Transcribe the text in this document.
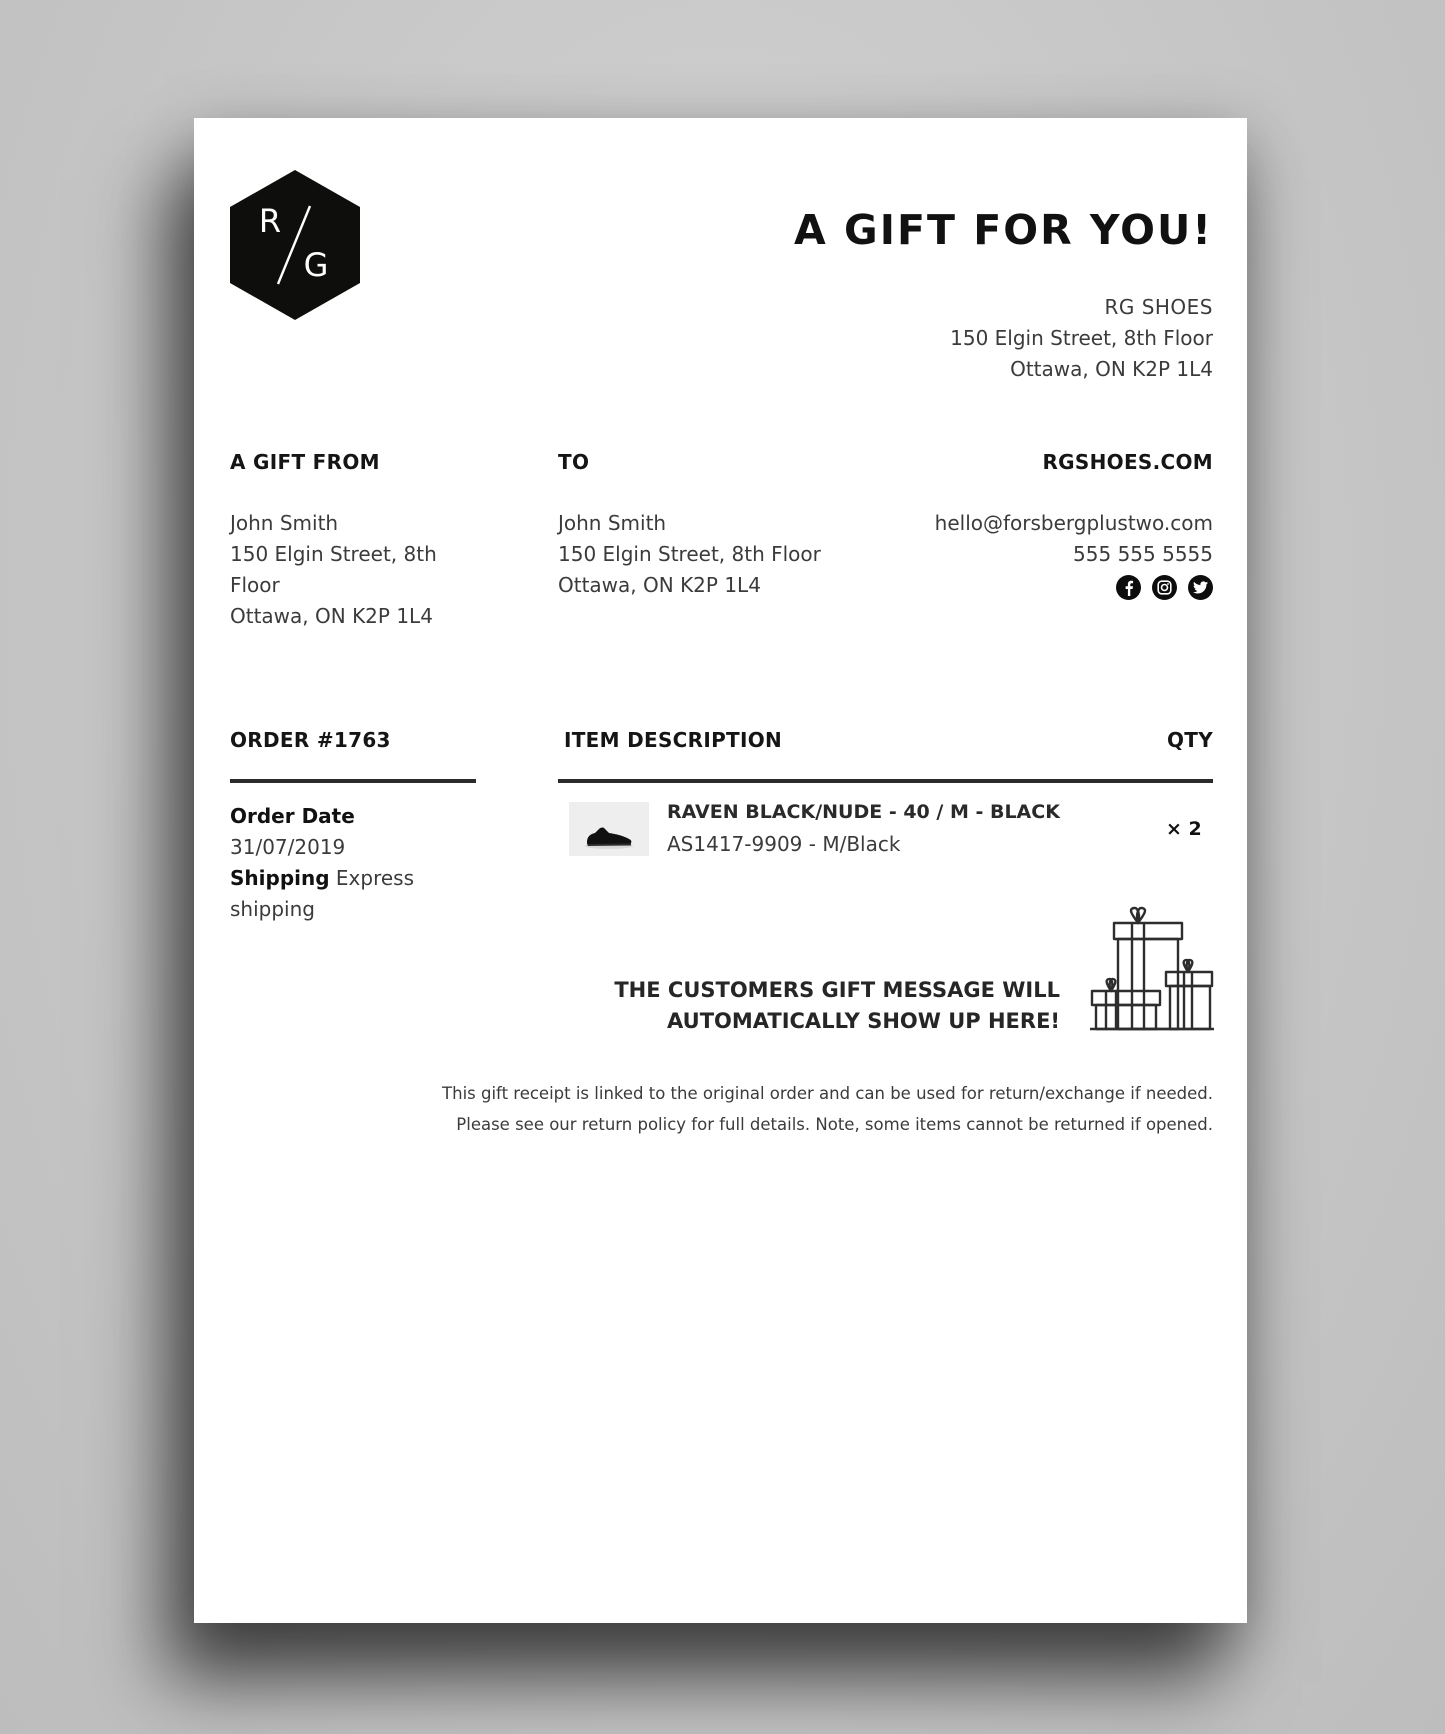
R
G
A GIFT FOR YOU!
RG SHOES
150 Elgin Street, 8th Floor
Ottawa, ON K2P 1L4
A GIFT FROM
John Smith
150 Elgin Street, 8th
Floor
Ottawa, ON K2P 1L4
TO
John Smith
150 Elgin Street, 8th Floor
Ottawa, ON K2P 1L4
RGSHOES.COM
hello@forsbergplustwo.com
555 555 5555
ORDER #1763
Order Date 31/07/2019
Shipping Express
shipping
ITEM DESCRIPTION	QTY
RAVEN BLACK/NUDE - 40 / M - BLACK
AS1417-9909 - M/Black
× 2
THE CUSTOMERS GIFT MESSAGE WILL
AUTOMATICALLY SHOW UP HERE!
This gift receipt is linked to the original order and can be used for return/exchange if needed.
Please see our return policy for full details. Note, some items cannot be returned if opened.
